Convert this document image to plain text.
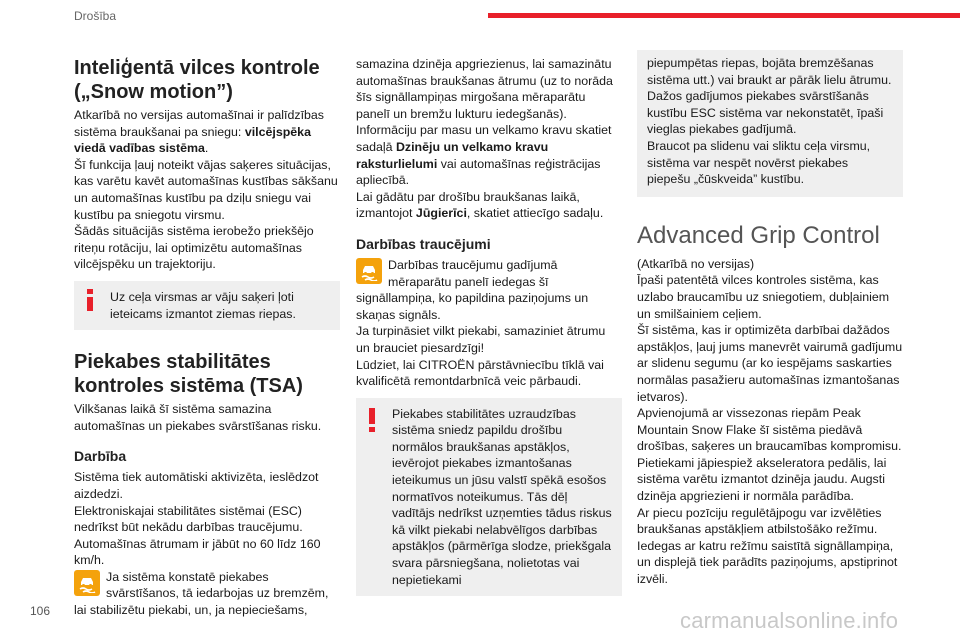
Drošība
Inteliģentā vilces kontrole („Snow motion”)

Atkarībā no versijas automašīnai ir palīdzības sistēma braukšanai pa sniegu: vilcējspēka viedā vadības sistēma.

Šī funkcija ļauj noteikt vājas saķeres situācijas, kas varētu kavēt automašīnas kustības sākšanu un automašīnas kustību pa dziļu sniegu vai kustību pa sniegotu virsmu.

Šādās situācijās sistēma ierobežo priekšējo riteņu rotāciju, lai optimizētu automašīnas vilcējspēku un trajektoriju.

Uz ceļa virsmas ar vāju saķeri ļoti ieteicams izmantot ziemas riepas.

Piekabes stabilitātes kontroles sistēma (TSA)

Vilkšanas laikā šī sistēma samazina automašīnas un piekabes svārstīšanas risku.

Darbība

Sistēma tiek automātiski aktivizēta, ieslēdzot aizdedzi.

Elektroniskajai stabilitātes sistēmai (ESC) nedrīkst būt nekādu darbības traucējumu.

Automašīnas ātrumam ir jābūt no 60 līdz 160 km/h.

Ja sistēma konstatē piekabes svārstīšanos, tā iedarbojas uz bremzēm, lai stabilizētu piekabi, un, ja nepieciešams,

samazina dzinēja apgriezienus, lai samazinātu automašīnas braukšanas ātrumu (uz to norāda šīs signāllampiņas mirgošana mēraparātu panelī un bremžu lukturu iedegšanās).

Informāciju par masu un velkamo kravu skatiet sadaļā Dzinēju un velkamo kravu raksturlielumi vai automašīnas reģistrācijas apliecībā.

Lai gādātu par drošību braukšanas laikā, izmantojot Jūgierīci, skatiet attiecīgo sadaļu.

Darbības traucējumi

Darbības traucējumu gadījumā mēraparātu panelī iedegas šī signāllampiņa, ko papildina paziņojums un skaņas signāls.

Ja turpināsiet vilkt piekabi, samaziniet ātrumu un brauciet piesardzīgi!

Lūdziet, lai CITROËN pārstāvniecību tīklā vai kvalificētā remontdarbnīcā veic pārbaudi.

Piekabes stabilitātes uzraudzības sistēma sniedz papildu drošību normālos braukšanas apstākļos, ievērojot piekabes izmantošanas ieteikumus un jūsu valstī spēkā esošos normatīvos noteikumus. Tās dēļ vadītājs nedrīkst uzņemties tādus riskus kā vilkt piekabi nelabvēlīgos darbības apstākļos (pārmērīga slodze, priekšgala svara pārsniegšana, nolietotas vai nepietiekami

piepumpētas riepas, bojāta bremzēšanas sistēma utt.) vai braukt ar pārāk lielu ātrumu.

Dažos gadījumos piekabes svārstīšanās kustību ESC sistēma var nekonstatēt, īpaši vieglas piekabes gadījumā.

Braucot pa slidenu vai sliktu ceļa virsmu, sistēma var nespēt novērst piekabes piepešu „čūskveida” kustību.

Advanced Grip Control

(Atkarībā no versijas)

Īpaši patentētā vilces kontroles sistēma, kas uzlabo braucamību uz sniegotiem, dubļainiem un smilšainiem ceļiem.

Šī sistēma, kas ir optimizēta darbībai dažādos apstākļos, ļauj jums manevrēt vairumā gadījumu ar slidenu segumu (ar ko iespējams saskarties normālas pasažieru automašīnas izmantošanas ietvaros).

Apvienojumā ar vissezonas riepām Peak Mountain Snow Flake šī sistēma piedāvā drošības, saķeres un braucamības kompromisu.

Pietiekami jāpiespiež akseleratora pedālis, lai sistēma varētu izmantot dzinēja jaudu. Augsti dzinēja apgriezieni ir normāla parādība.

Ar piecu pozīciju regulētājpogu var izvēlēties braukšanas apstākļiem atbilstošāko režīmu.

Iedegas ar katru režīmu saistītā signāllampiņa, un displejā tiek parādīts paziņojums, apstiprinot izvēli.

106	carmanualsonline.info
